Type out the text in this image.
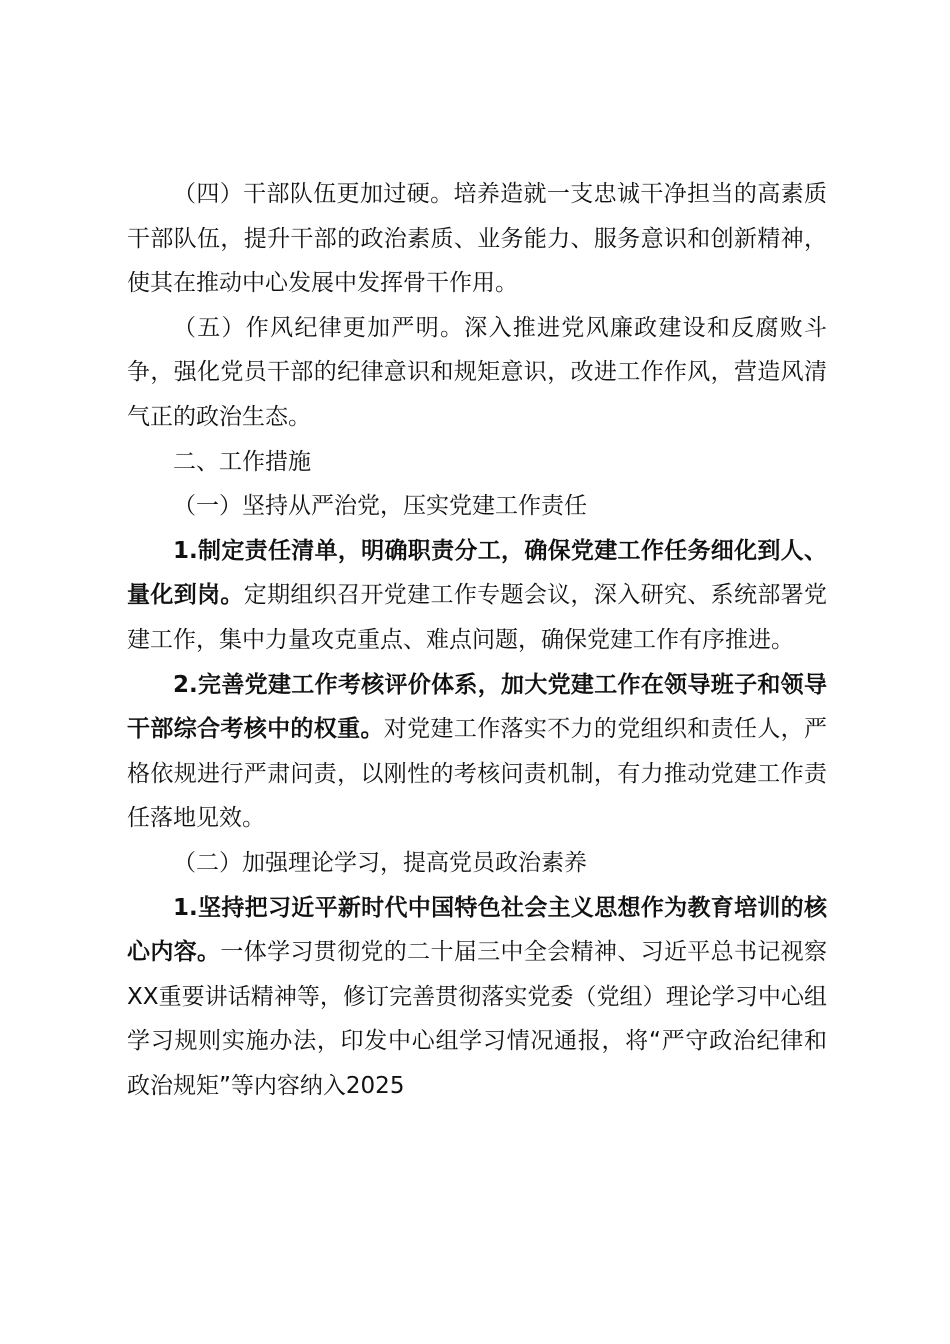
（四）干部队伍更加过硬。培养造就一支忠诚干净担当的高素质干部队伍，提升干部的政治素质、业务能力、服务意识和创新精神，使其在推动中心发展中发挥骨干作用。

（五）作风纪律更加严明。深入推进党风廉政建设和反腐败斗争，强化党员干部的纪律意识和规矩意识，改进工作作风，营造风清气正的政治生态。

二、工作措施

（一）坚持从严治党，压实党建工作责任

1.制定责任清单，明确职责分工，确保党建工作任务细化到人、量化到岗。定期组织召开党建工作专题会议，深入研究、系统部署党建工作，集中力量攻克重点、难点问题，确保党建工作有序推进。

2.完善党建工作考核评价体系，加大党建工作在领导班子和领导干部综合考核中的权重。对党建工作落实不力的党组织和责任人，严格依规进行严肃问责，以刚性的考核问责机制，有力推动党建工作责任落地见效。

（二）加强理论学习，提高党员政治素养

1.坚持把习近平新时代中国特色社会主义思想作为教育培训的核心内容。一体学习贯彻党的二十届三中全会精神、习近平总书记视察XX重要讲话精神等，修订完善贯彻落实党委（党组）理论学习中心组学习规则实施办法，印发中心组学习情况通报，将“严守政治纪律和政治规矩”等内容纳入2025
